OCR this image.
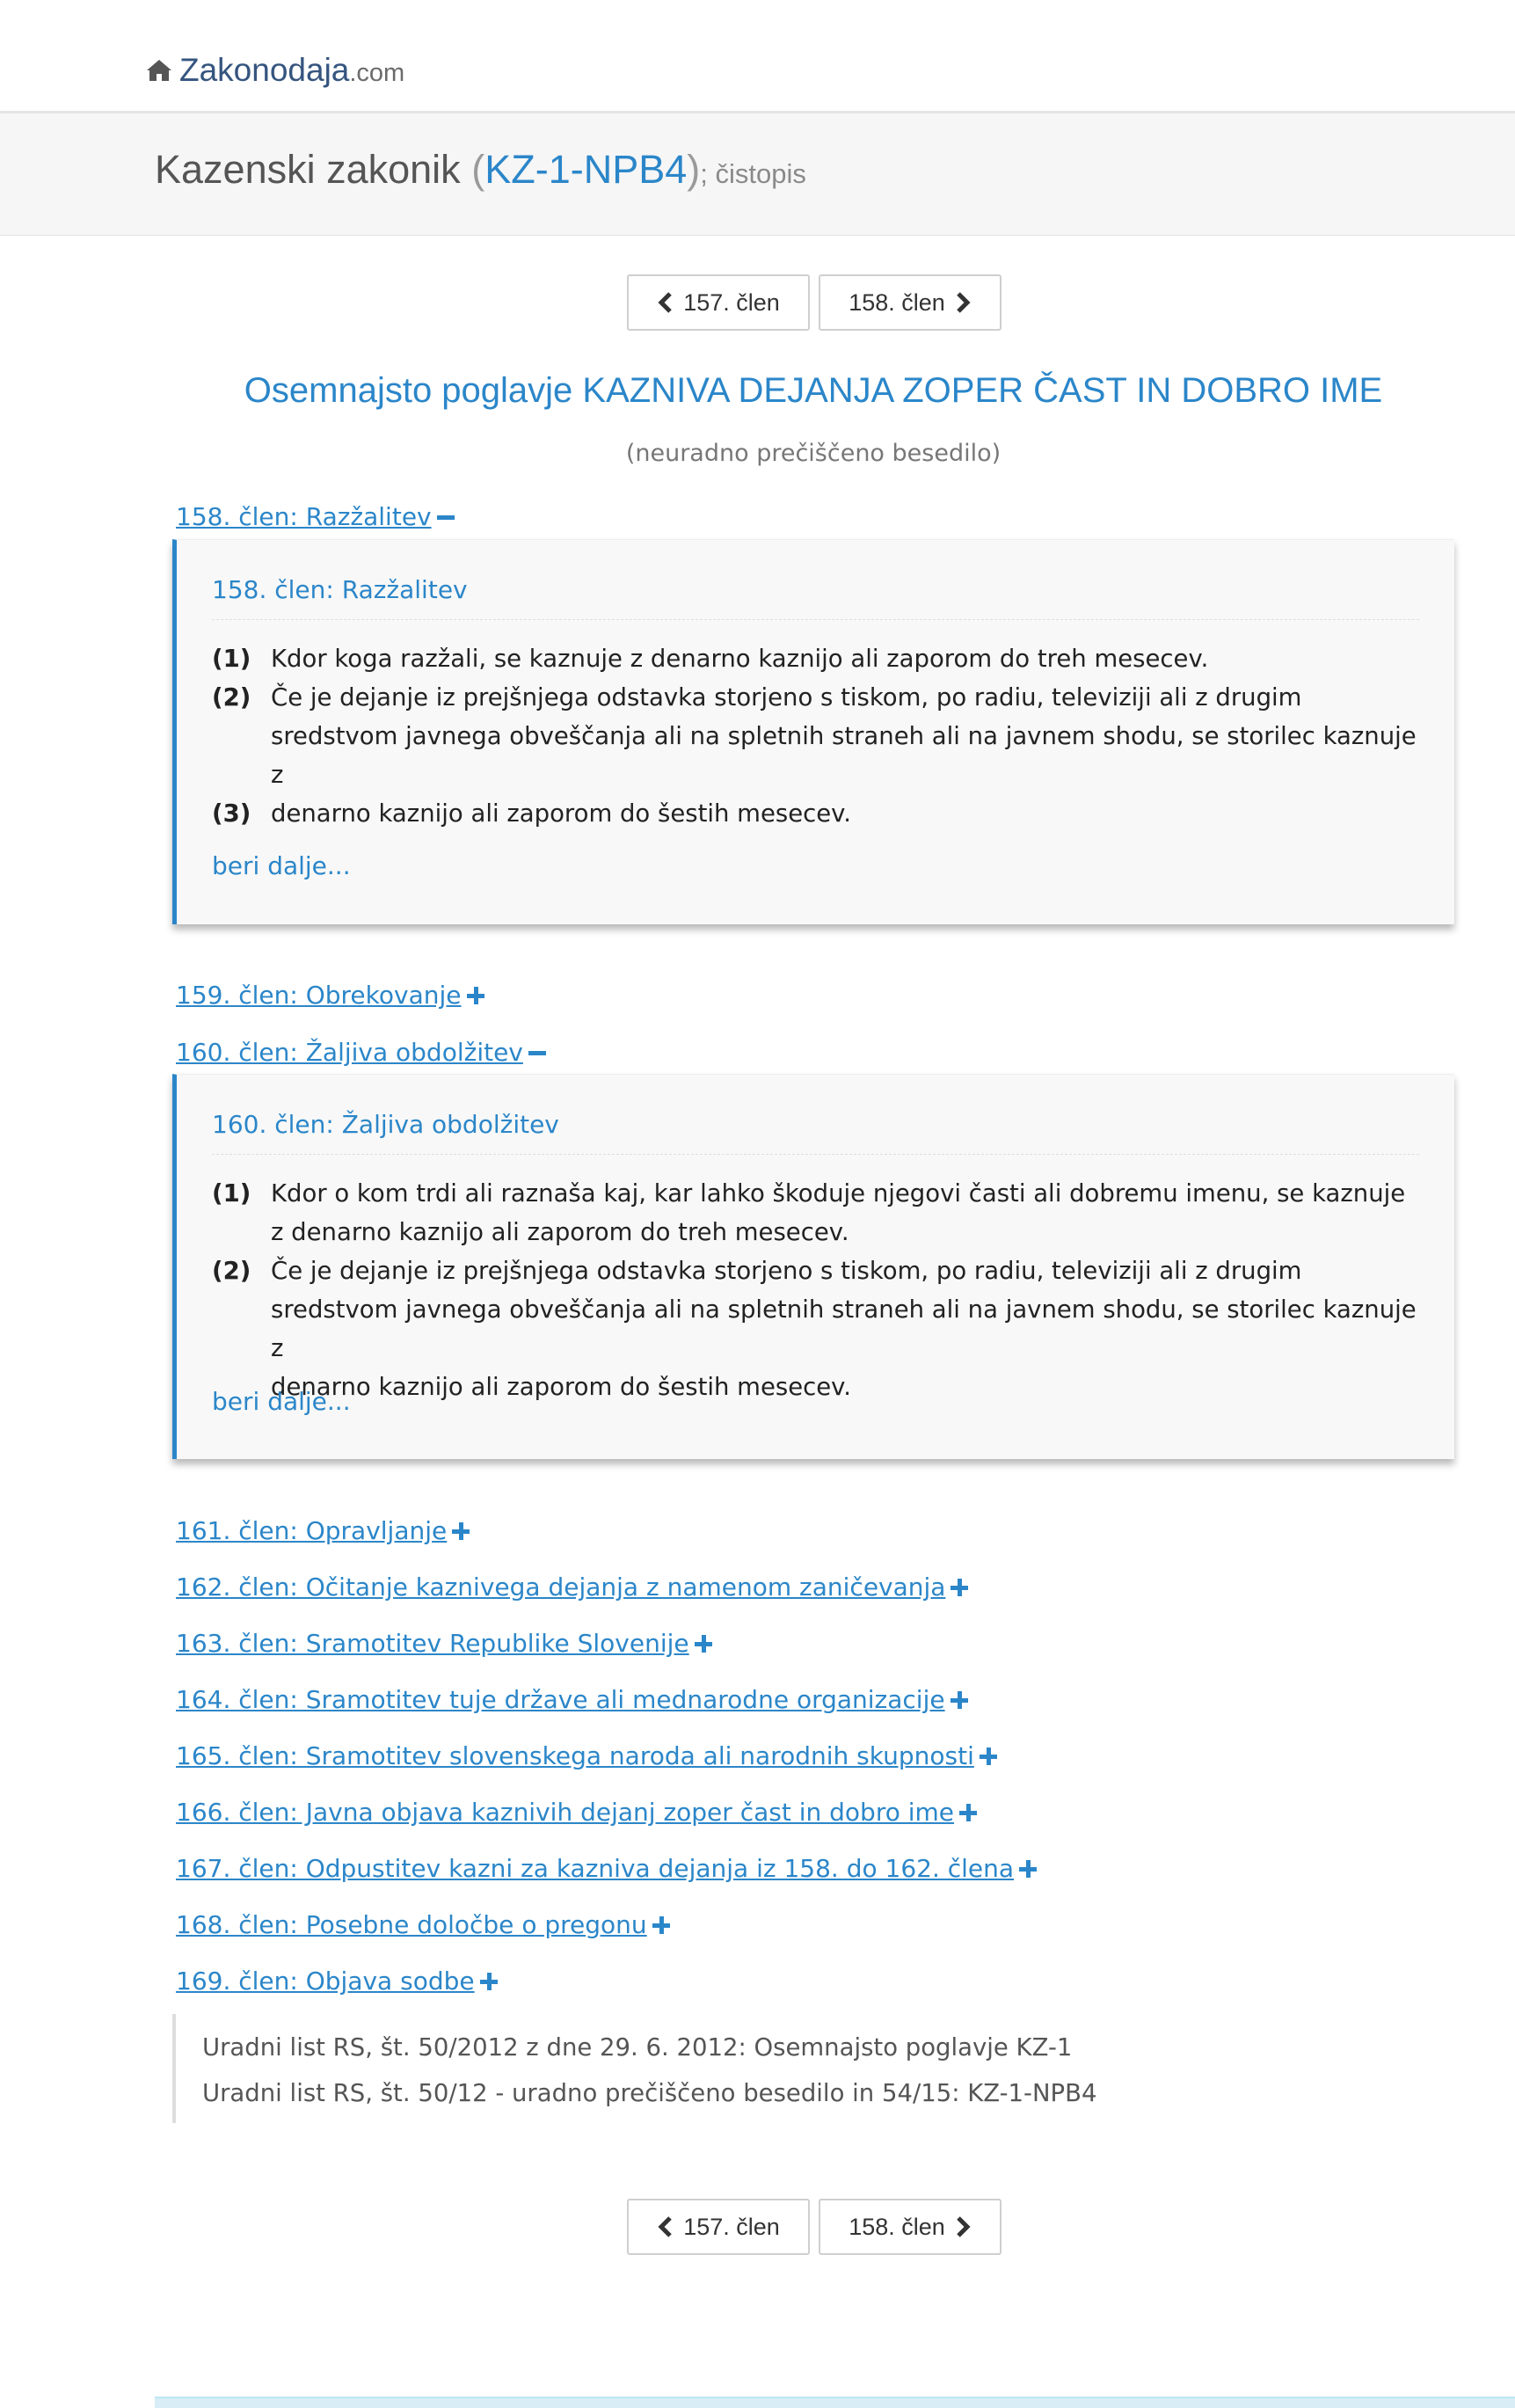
Zakonodaja .com
Kazenski zakonik (KZ-1-NPB4); čistopis
157. člen	158. člen
Osemnajsto poglavje KAZNIVA DEJANJA ZOPER ČAST IN DOBRO IME
(neuradno prečiščeno besedilo)
158. člen: Razžalitev
158. člen: Razžalitev
(1) Kdor koga razžali, se kaznuje z denarno kaznijo ali zaporom do treh mesecev.
(2) Če je dejanje iz prejšnjega odstavka storjeno s tiskom, po radiu, televiziji ali z drugim
sredstvom javnega obveščanja ali na spletnih straneh ali na javnem shodu, se storilec kaznuje z
denarno kaznijo ali zaporom do šestih mesecev.
(3)
beri dalje...
159. člen: Obrekovanje
160. člen: Žaljiva obdolžitev
160. člen: Žaljiva obdolžitev
(1) Kdor o kom trdi ali raznaša kaj, kar lahko škoduje njegovi časti ali dobremu imenu, se kaznuje
z denarno kaznijo ali zaporom do treh mesecev.
(2) Če je dejanje iz prejšnjega odstavka storjeno s tiskom, po radiu, televiziji ali z drugim
sredstvom javnega obveščanja ali na spletnih straneh ali na javnem shodu, se storilec kaznuje z
denarno kaznijo ali zaporom do šestih mesecev.
beri dalje...
161. člen: Opravljanje
162. člen: Očitanje kaznivega dejanja z namenom zaničevanja
163. člen: Sramotitev Republike Slovenije
164. člen: Sramotitev tuje države ali mednarodne organizacije
165. člen: Sramotitev slovenskega naroda ali narodnih skupnosti
166. člen: Javna objava kaznivih dejanj zoper čast in dobro ime
167. člen: Odpustitev kazni za kazniva dejanja iz 158. do 162. člena
168. člen: Posebne določbe o pregonu
169. člen: Objava sodbe
Uradni list RS, št. 50/2012 z dne 29. 6. 2012: Osemnajsto poglavje KZ-1
Uradni list RS, št. 50/12 - uradno prečiščeno besedilo in 54/15: KZ-1-NPB4
157. člen	158. člen
